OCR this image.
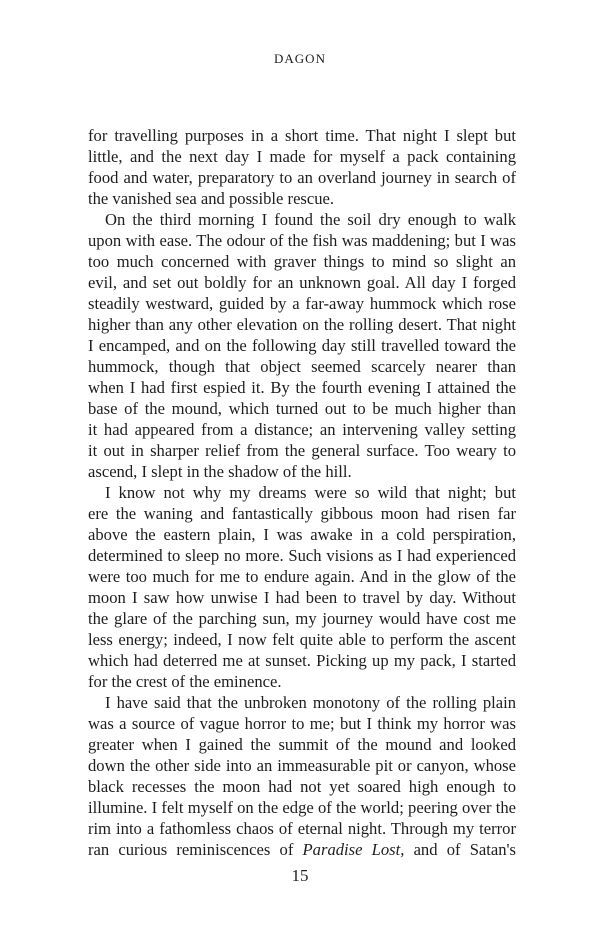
DAGON
for travelling purposes in a short time. That night I slept but
little, and the next day I made for myself a pack containing
food and water, preparatory to an overland journey in search of
the vanished sea and possible rescue.
On the third morning I found the soil dry enough to walk
upon with ease. The odour of the fish was maddening; but I was
too much concerned with graver things to mind so slight an
evil, and set out boldly for an unknown goal. All day I forged
steadily westward, guided by a far-away hummock which rose
higher than any other elevation on the rolling desert. That night
I encamped, and on the following day still travelled toward the
hummock, though that object seemed scarcely nearer than
when I had first espied it. By the fourth evening I attained the
base of the mound, which turned out to be much higher than
it had appeared from a distance; an intervening valley setting
it out in sharper relief from the general surface. Too weary to
ascend, I slept in the shadow of the hill.
I know not why my dreams were so wild that night; but
ere the waning and fantastically gibbous moon had risen far
above the eastern plain, I was awake in a cold perspiration,
determined to sleep no more. Such visions as I had experienced
were too much for me to endure again. And in the glow of the
moon I saw how unwise I had been to travel by day. Without
the glare of the parching sun, my journey would have cost me
less energy; indeed, I now felt quite able to perform the ascent
which had deterred me at sunset. Picking up my pack, I started
for the crest of the eminence.
I have said that the unbroken monotony of the rolling plain
was a source of vague horror to me; but I think my horror was
greater when I gained the summit of the mound and looked
down the other side into an immeasurable pit or canyon, whose
black recesses the moon had not yet soared high enough to
illumine. I felt myself on the edge of the world; peering over the
rim into a fathomless chaos of eternal night. Through my terror
ran curious reminiscences of Paradise Lost, and of Satan's
15
